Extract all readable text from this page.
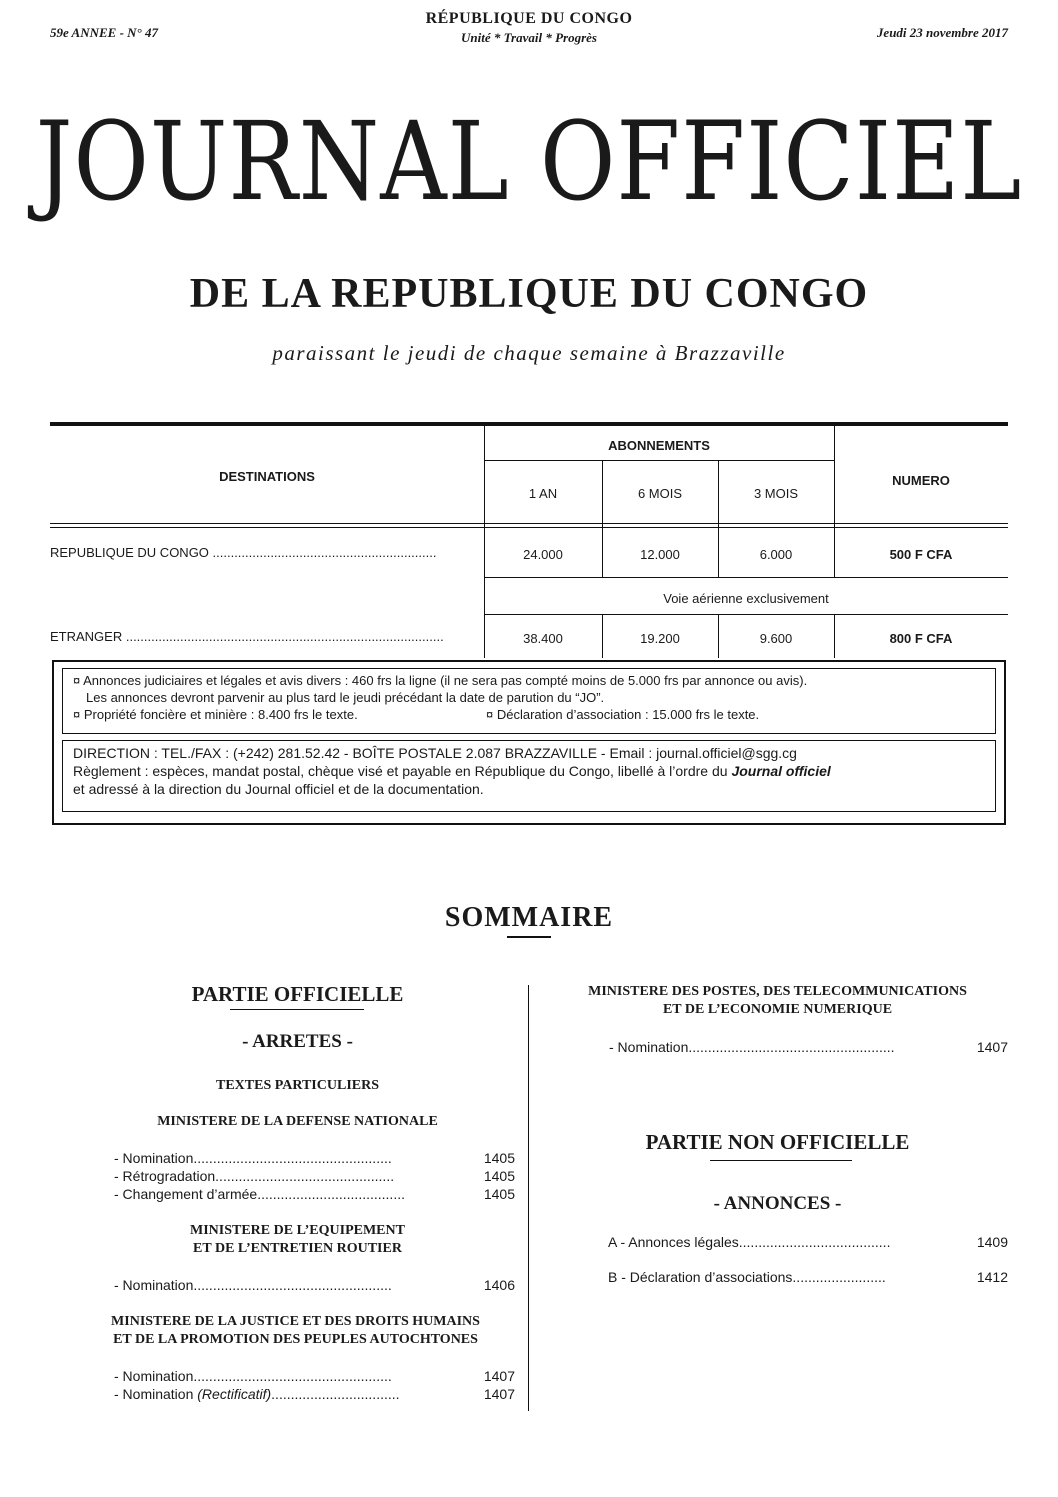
59e ANNEE - N° 47	Jeudi 23 novembre 2017
RÉPUBLIQUE DU CONGO
Unité * Travail * Progrès
JOURNAL OFFICIEL
DE LA REPUBLIQUE DU CONGO
paraissant le jeudi de chaque semaine à Brazzaville
DESTINATIONS
ABONNEMENTS
1 AN	6 MOIS	3 MOIS
NUMERO
REPUBLIQUE DU CONGO ..............................................................	24.000	12.000	6.000	500 F CFA
Voie aérienne exclusivement
ETRANGER ........................................................................................	38.400	19.200	9.600	800 F CFA
¤ Annonces judiciaires et légales et avis divers : 460 frs la ligne (il ne sera pas compté moins de 5.000 frs par annonce ou avis).
Les annonces devront parvenir au plus tard le jeudi précédant la date de parution du “JO”.
¤ Propriété foncière et minière : 8.400 frs le texte.	¤ Déclaration d’association : 15.000 frs le texte.
DIRECTION : TEL./FAX : (+242) 281.52.42 - BOÎTE POSTALE 2.087 BRAZZAVILLE - Email : journal.officiel@sgg.cg
Règlement : espèces, mandat postal, chèque visé et payable en République du Congo, libellé à l’ordre du Journal officiel
et adressé à la direction du Journal officiel et de la documentation.
SOMMAIRE
PARTIE OFFICIELLE
- ARRETES -
TEXTES PARTICULIERS
MINISTERE DE LA DEFENSE NATIONALE
- Nomination...................................................	1405
- Rétrogradation..............................................	1405
- Changement d’armée......................................	1405
MINISTERE DE L’EQUIPEMENT
ET DE L’ENTRETIEN ROUTIER
- Nomination...................................................	1406
MINISTERE DE LA JUSTICE ET DES DROITS HUMAINS
ET DE LA PROMOTION DES PEUPLES AUTOCHTONES
- Nomination...................................................	1407
- Nomination (Rectificatif).................................	1407
MINISTERE DES POSTES, DES TELECOMMUNICATIONS
ET DE L’ECONOMIE NUMERIQUE
- Nomination.....................................................	1407
PARTIE NON OFFICIELLE
- ANNONCES -
A - Annonces légales.......................................	1409
B - Déclaration d’associations........................	1412
